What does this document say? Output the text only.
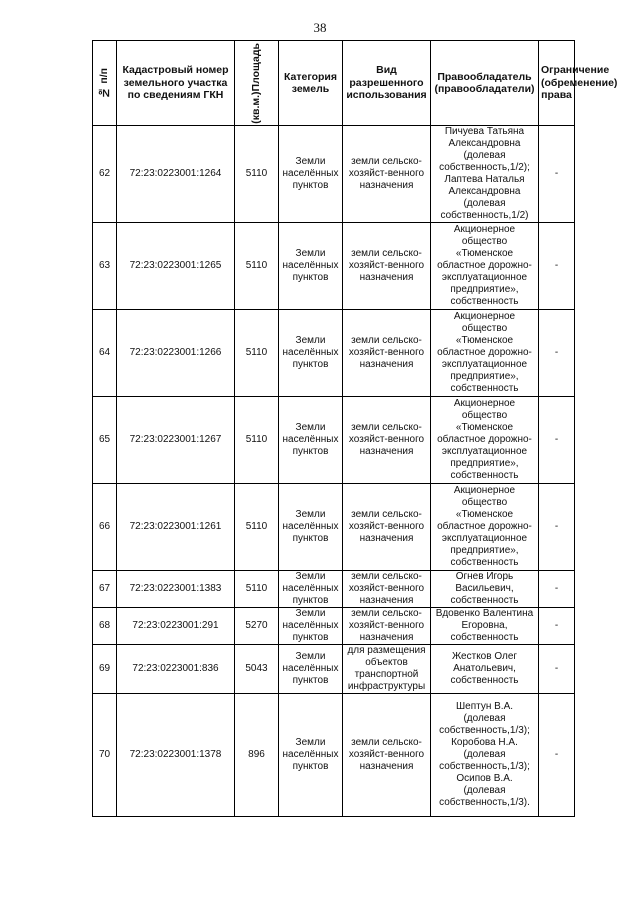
38
№ п/п	Кадастровый номер земельного участка по сведениям ГКН	(кв.м.)Площадь	Категория земель	Вид разрешенного использования	Правообладатель (правообладатели)	Ограничение (обременение) права
62	72:23:0223001:1264	5110	Земли населённых пунктов	земли сельско-хозяйст-венного назначения	Пичуева Татьяна Александровна (долевая собственность,1/2); Лаптева Наталья Александровна (долевая собственность,1/2)	-
63	72:23:0223001:1265	5110	Земли населённых пунктов	земли сельско-хозяйст-венного назначения	Акционерное общество «Тюменское областное дорожно-эксплуатационное предприятие», собственность	-
64	72:23:0223001:1266	5110	Земли населённых пунктов	земли сельско-хозяйст-венного назначения	Акционерное общество «Тюменское областное дорожно-эксплуатационное предприятие», собственность	-
65	72:23:0223001:1267	5110	Земли населённых пунктов	земли сельско-хозяйст-венного назначения	Акционерное общество «Тюменское областное дорожно-эксплуатационное предприятие», собственность	-
66	72:23:0223001:1261	5110	Земли населённых пунктов	земли сельско-хозяйст-венного назначения	Акционерное общество «Тюменское областное дорожно-эксплуатационное предприятие», собственность	-
67	72:23:0223001:1383	5110	Земли населённых пунктов	земли сельско-хозяйст-венного назначения	Огнев Игорь Васильевич, собственность	-
68	72:23:0223001:291	5270	Земли населённых пунктов	земли сельско-хозяйст-венного назначения	Вдовенко Валентина Егоровна, собственность	-
69	72:23:0223001:836	5043	Земли населённых пунктов	для размещения объектов транспортной инфраструктуры	Жестков Олег Анатольевич, собственность	-
70	72:23:0223001:1378	896	Земли населённых пунктов	земли сельско-хозяйст-венного назначения	Шептун В.А. (долевая собственность,1/3); Коробова Н.А. (долевая собственность,1/3); Осипов В.А. (долевая собственность,1/3).	-
